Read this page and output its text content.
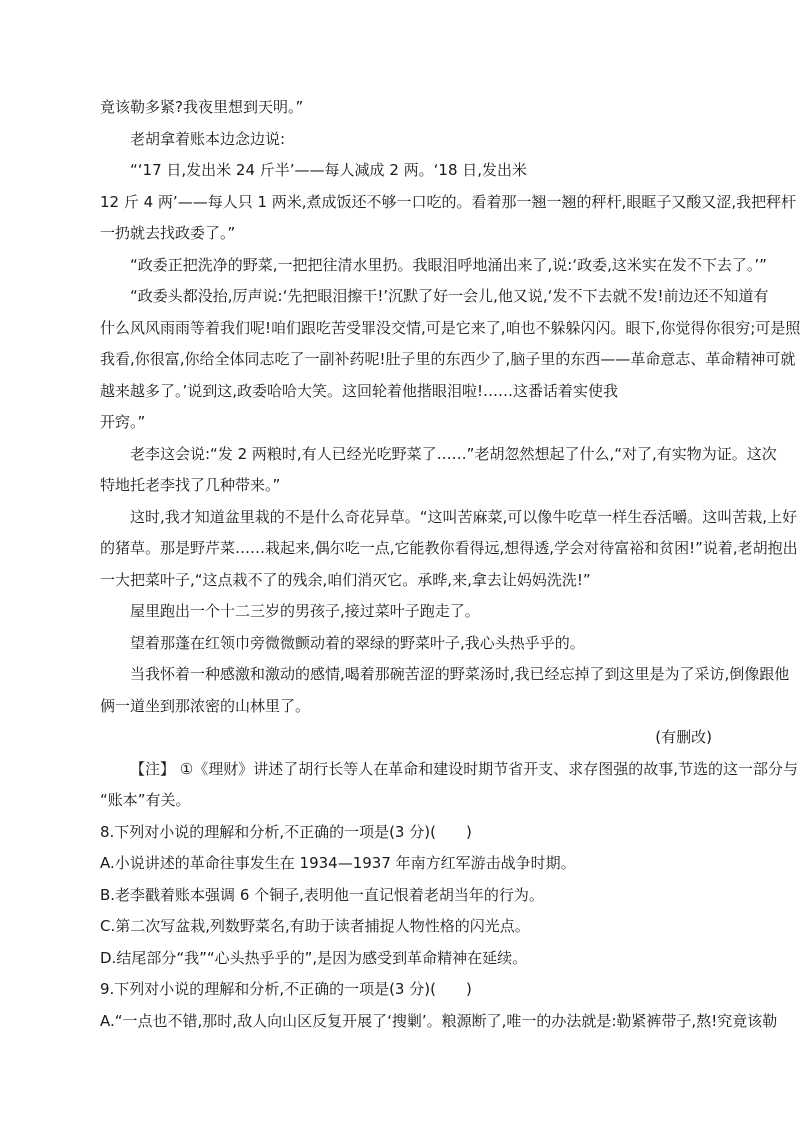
竟该勒多紧?我夜里想到天明。”
老胡拿着账本边念边说:
“‘17 日,发出米 24 斤半’——每人减成 2 两。‘18 日,发出米
12 斤 4 两’——每人只 1 两米,煮成饭还不够一口吃的。看着那一翘一翘的秤杆,眼眶子又酸又涩,我把秤杆
一扔就去找政委了。”
“政委正把洗净的野菜,一把把往清水里扔。我眼泪呼地涌出来了,说:‘政委,这米实在发不下去了。’”
“政委头都没抬,厉声说:‘先把眼泪擦干!’沉默了好一会儿,他又说,‘发不下去就不发!前边还不知道有
什么风风雨雨等着我们呢!咱们跟吃苦受罪没交情,可是它来了,咱也不躲躲闪闪。眼下,你觉得你很穷;可是照
我看,你很富,你给全体同志吃了一副补药呢!肚子里的东西少了,脑子里的东西——革命意志、革命精神可就
越来越多了。’说到这,政委哈哈大笑。这回轮着他揩眼泪啦!……这番话着实使我
开窍。”
老李这会说:“发 2 两粮时,有人已经光吃野菜了……”老胡忽然想起了什么,“对了,有实物为证。这次
特地托老李找了几种带来。”
这时,我才知道盆里栽的不是什么奇花异草。“这叫苦麻菜,可以像牛吃草一样生吞活嚼。这叫苦栽,上好
的猪草。那是野芹菜……栽起来,偶尔吃一点,它能教你看得远,想得透,学会对待富裕和贫困!”说着,老胡抱出
一大把菜叶子,“这点栽不了的残余,咱们消灭它。承晔,来,拿去让妈妈洗洗!”
屋里跑出一个十二三岁的男孩子,接过菜叶子跑走了。
望着那蓬在红领巾旁微微颤动着的翠绿的野菜叶子,我心头热乎乎的。
当我怀着一种感激和激动的感情,喝着那碗苦涩的野菜汤时,我已经忘掉了到这里是为了采访,倒像跟他
俩一道坐到那浓密的山林里了。
(有删改)
【注】 ①《理财》讲述了胡行长等人在革命和建设时期节省开支、求存图强的故事,节选的这一部分与
“账本”有关。
8.下列对小说的理解和分析,不正确的一项是(3 分)(　　)
A.小说讲述的革命往事发生在 1934—1937 年南方红军游击战争时期。
B.老李戳着账本强调 6 个铜子,表明他一直记恨着老胡当年的行为。
C.第二次写盆栽,列数野菜名,有助于读者捕捉人物性格的闪光点。
D.结尾部分“我”“心头热乎乎的”,是因为感受到革命精神在延续。
9.下列对小说的理解和分析,不正确的一项是(3 分)(　　)
A.“一点也不错,那时,敌人向山区反复开展了‘搜剿’。粮源断了,唯一的办法就是:勒紧裤带子,熬!究竟该勒
